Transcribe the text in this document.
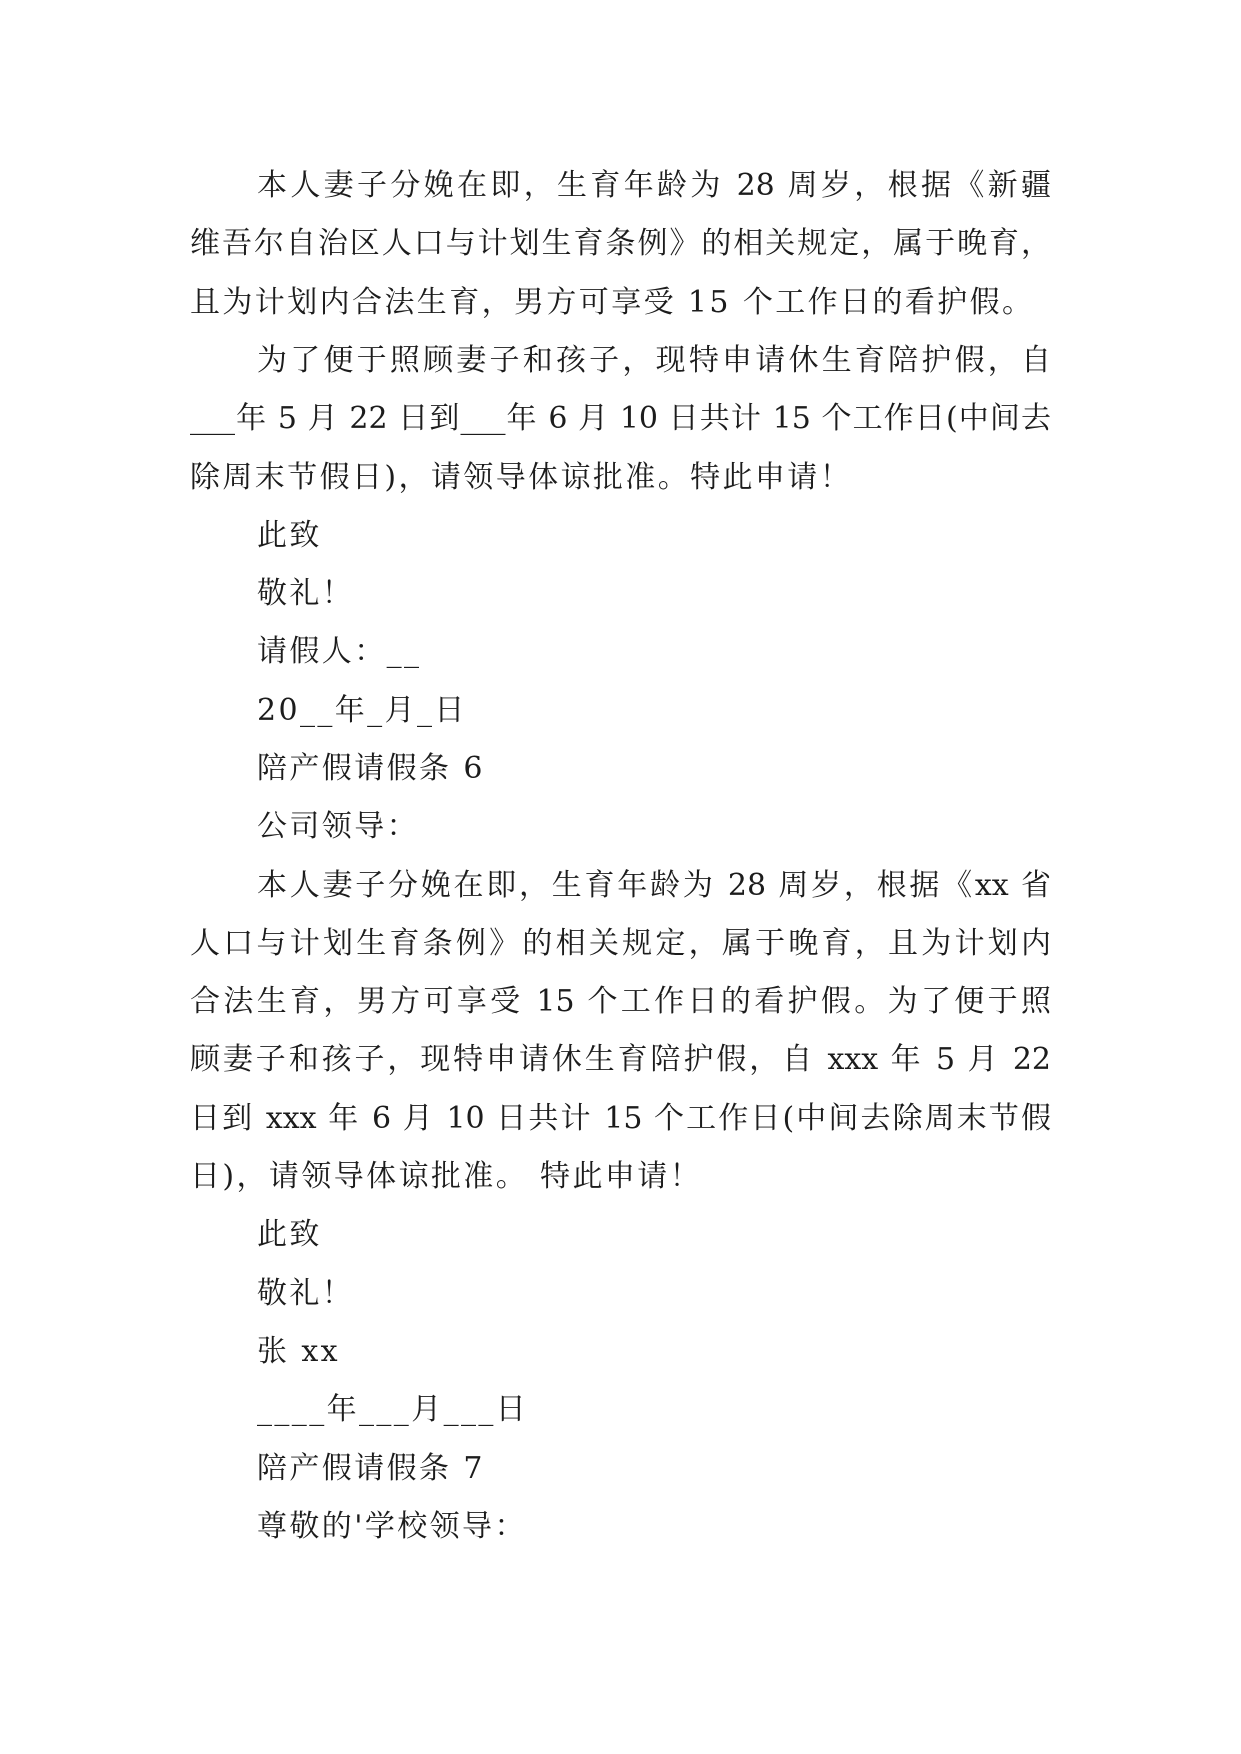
本人妻子分娩在即，生育年龄为 28 周岁，根据《新疆
维吾尔自治区人口与计划生育条例》的相关规定，属于晚育，
且为计划内合法生育，男方可享受 15 个工作日的看护假。
为了便于照顾妻子和孩子，现特申请休生育陪护假，自
___年 5 月 22 日到___年 6 月 10 日共计 15 个工作日(中间去
除周末节假日)，请领导体谅批准。特此申请！
此致
敬礼！
请假人：__
20__年_月_日
陪产假请假条 6
公司领导：
本人妻子分娩在即，生育年龄为 28 周岁，根据《xx 省
人口与计划生育条例》的相关规定，属于晚育，且为计划内
合法生育，男方可享受 15 个工作日的看护假。为了便于照
顾妻子和孩子，现特申请休生育陪护假，自 xxx 年 5 月 22
日到 xxx 年 6 月 10 日共计 15 个工作日(中间去除周末节假
日)，请领导体谅批准。 特此申请！
此致
敬礼！
张 xx
____年___月___日
陪产假请假条 7
尊敬的'学校领导：
